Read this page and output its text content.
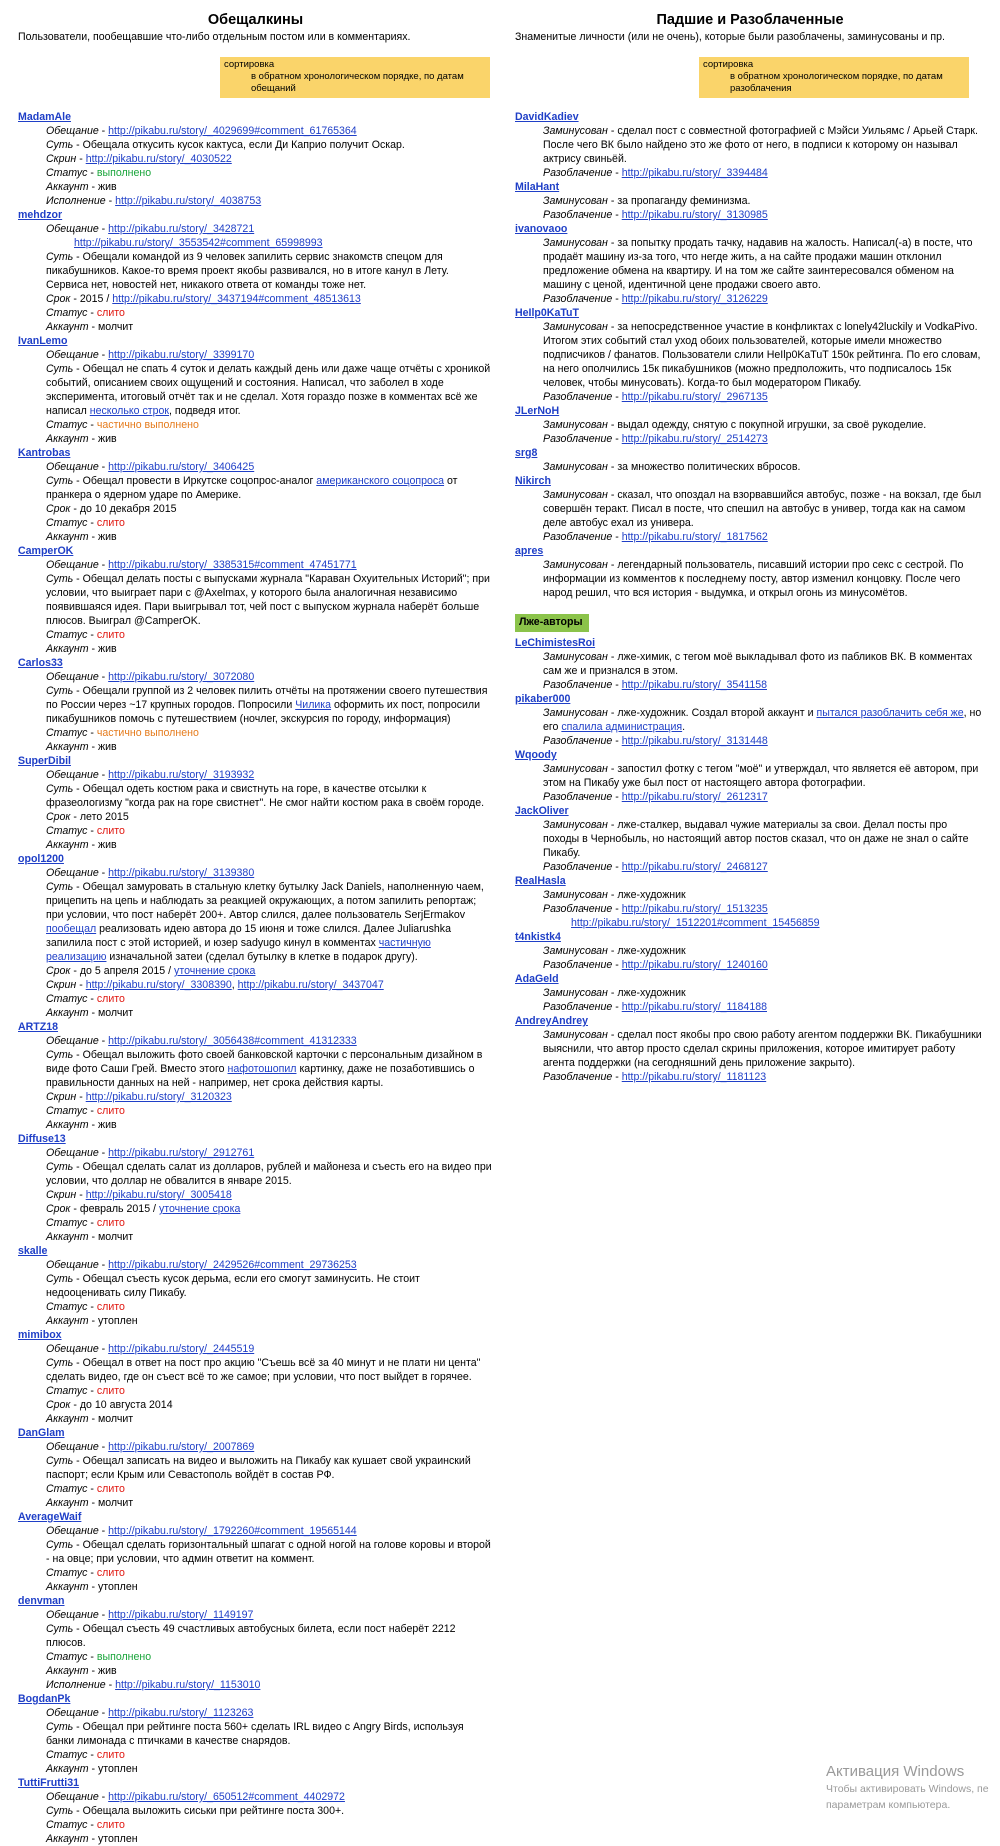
Обещалкины
Пользователи, пообещавшие что-либо отдельным постом или в комментариях.
сортировка
в обратном хронологическом порядке, по датам обещаний
MadamAle
Обещание - http://pikabu.ru/story/_4029699#comment_61765364
Суть - Обещала откусить кусок кактуса, если Ди Каприо получит Оскар.
Скрин - http://pikabu.ru/story/_4030522
Статус - выполнено
Аккаунт - жив
Исполнение - http://pikabu.ru/story/_4038753
mehdzor
Обещание - http://pikabu.ru/story/_3428721
http://pikabu.ru/story/_3553542#comment_65998993
Суть - Обещали командой из 9 человек запилить сервис знакомств спецом для пикабушников. Какое-то время проект якобы развивался, но в итоге канул в Лету. Сервиса нет, новостей нет, никакого ответа от команды тоже нет.
Срок - 2015 / http://pikabu.ru/story/_3437194#comment_48513613
Статус - слито
Аккаунт - молчит
IvanLemo
Обещание - http://pikabu.ru/story/_3399170
Суть - Обещал не спать 4 суток и делать каждый день или даже чаще отчёты с хроникой событий, описанием своих ощущений и состояния. Написал, что заболел в ходе эксперимента, итоговый отчёт так и не сделал. Хотя гораздо позже в комментах всё же написал несколько строк, подведя итог.
Статус - частично выполнено
Аккаунт - жив
Kantrobas
Обещание - http://pikabu.ru/story/_3406425
Суть - Обещал провести в Иркутске соцопрос-аналог американского соцопроса от пранкера о ядерном ударе по Америке.
Срок - до 10 декабря 2015
Статус - слито
Аккаунт - жив
CamperOK
Обещание - http://pikabu.ru/story/_3385315#comment_47451771
Суть - Обещал делать посты с выпусками журнала "Караван Охуительных Историй"; при условии, что выиграет пари с @Axelmax, у которого была аналогичная независимо появившаяся идея. Пари выигрывал тот, чей пост с выпуском журнала наберёт больше плюсов. Выиграл @CamperOK.
Статус - слито
Аккаунт - жив
Carlos33
Обещание - http://pikabu.ru/story/_3072080
Суть - Обещали группой из 2 человек пилить отчёты на протяжении своего путешествия по России через ~17 крупных городов. Попросили Чилика оформить их пост, попросили пикабушников помочь с путешествием (ночлег, экскурсия по городу, информация)
Статус - частично выполнено
Аккаунт - жив
SuperDibil
Обещание - http://pikabu.ru/story/_3193932
Суть - Обещал одеть костюм рака и свистнуть на горе, в качестве отсылки к фразеологизму "когда рак на горе свистнет". Не смог найти костюм рака в своём городе.
Срок - лето 2015
Статус - слито
Аккаунт - жив
opol1200
Обещание - http://pikabu.ru/story/_3139380
Суть - Обещал замуровать в стальную клетку бутылку Jack Daniels, наполненную чаем, прицепить на цепь и наблюдать за реакцией окружающих, а потом запилить репортаж; при условии, что пост наберёт 200+. Автор слился, далее пользователь SerjErmakov пообещал реализовать идею автора до 15 июня и тоже слился. Далее Juliarushka запилила пост с этой историей, и юзер sadyugo кинул в комментах частичную реализацию изначальной затеи (сделал бутылку в клетке в подарок другу).
Срок - до 5 апреля 2015 / уточнение срока
Скрин - http://pikabu.ru/story/_3308390, http://pikabu.ru/story/_3437047
Статус - слито
Аккаунт - молчит
ARTZ18
Обещание - http://pikabu.ru/story/_3056438#comment_41312333
Суть - Обещал выложить фото своей банковской карточки с персональным дизайном в виде фото Саши Грей. Вместо этого нафотошопил картинку, даже не позаботившись о правильности данных на ней - например, нет срока действия карты.
Скрин - http://pikabu.ru/story/_3120323
Статус - слито
Аккаунт - жив
Diffuse13
Обещание - http://pikabu.ru/story/_2912761
Суть - Обещал сделать салат из долларов, рублей и майонеза и съесть его на видео при условии, что доллар не обвалится в январе 2015.
Скрин - http://pikabu.ru/story/_3005418
Срок - февраль 2015 / уточнение срока
Статус - слито
Аккаунт - молчит
skalle
Обещание - http://pikabu.ru/story/_2429526#comment_29736253
Суть - Обещал съесть кусок дерьма, если его смогут заминусить. Не стоит недооценивать силу Пикабу.
Статус - слито
Аккаунт - утоплен
mimibox
Обещание - http://pikabu.ru/story/_2445519
Суть - Обещал в ответ на пост про акцию "Съешь всё за 40 минут и не плати ни цента" сделать видео, где он съест всё то же самое; при условии, что пост выйдет в горячее.
Статус - слито
Срок - до 10 августа 2014
Аккаунт - молчит
DanGlam
Обещание - http://pikabu.ru/story/_2007869
Суть - Обещал записать на видео и выложить на Пикабу как кушает свой украинский паспорт; если Крым или Севастополь войдёт в состав РФ.
Статус - слито
Аккаунт - молчит
AverageWaif
Обещание - http://pikabu.ru/story/_1792260#comment_19565144
Суть - Обещал сделать горизонтальный шпагат с одной ногой на голове коровы и второй - на овце; при условии, что админ ответит на коммент.
Статус - слито
Аккаунт - утоплен
denvman
Обещание - http://pikabu.ru/story/_1149197
Суть - Обещал съесть 49 счастливых автобусных билета, если пост наберёт 2212 плюсов.
Статус - выполнено
Аккаунт - жив
Исполнение - http://pikabu.ru/story/_1153010
BogdanPk
Обещание - http://pikabu.ru/story/_1123263
Суть - Обещал при рейтинге поста 560+ сделать IRL видео с Angry Birds, используя банки лимонада с птичками в качестве снарядов.
Статус - слито
Аккаунт - утоплен
TuttiFrutti31
Обещание - http://pikabu.ru/story/_650512#comment_4402972
Суть - Обещала выложить сиськи при рейтинге поста 300+.
Статус - слито
Аккаунт - утоплен
Падшие и Разоблаченные
Знаменитые личности (или не очень), которые были разоблачены, заминусованы и пр.
сортировка
в обратном хронологическом порядке, по датам разоблачения
DavidKadiev
Заминусован - сделал пост с совместной фотографией с Мэйси Уильямс / Арьей Старк. После чего ВК было найдено это же фото от него, в подписи к которому он называл актрису свиньёй.
Разоблачение - http://pikabu.ru/story/_3394484
MilaHant
Заминусован - за пропаганду феминизма.
Разоблачение - http://pikabu.ru/story/_3130985
ivanovaoo
Заминусован - за попытку продать тачку, надавив на жалость. Написал(-а) в посте, что продаёт машину из-за того, что негде жить, а на сайте продажи машин отклонил предложение обмена на квартиру. И на том же сайте заинтересовался обменом на машину с ценой, идентичной цене продажи своего авто.
Разоблачение - http://pikabu.ru/story/_3126229
HeIlp0KaTuT
Заминусован - за непосредственное участие в конфликтах с lonely42luckily и VodkaPivo. Итогом этих событий стал уход обоих пользователей, которые имели множество подписчиков / фанатов. Пользователи слили HeIlp0KaTuT 150к рейтинга. По его словам, на него ополчились 15к пикабушников (можно предположить, что подписалось 15к человек, чтобы минусовать). Когда-то был модератором Пикабу.
Разоблачение - http://pikabu.ru/story/_2967135
JLerNoH
Заминусован - выдал одежду, снятую с покупной игрушки, за своё рукоделие.
Разоблачение - http://pikabu.ru/story/_2514273
srg8
Заминусован - за множество политических вбросов.
Nikirch
Заминусован - сказал, что опоздал на взорвавшийся автобус, позже - на вокзал, где был совершён теракт. Писал в посте, что спешил на автобус в универ, тогда как на самом деле автобус ехал из универа.
Разоблачение - http://pikabu.ru/story/_1817562
apres
Заминусован - легендарный пользователь, писавший истории про секс с сестрой. По информации из комментов к последнему посту, автор изменил концовку. После чего народ решил, что вся история - выдумка, и открыл огонь из минусомётов.
Лже-авторы
LeChimistesRoi
Заминусован - лже-химик, с тегом моё выкладывал фото из пабликов ВК. В комментах сам же и признался в этом.
Разоблачение - http://pikabu.ru/story/_3541158
pikaber000
Заминусован - лже-художник. Создал второй аккаунт и пытался разоблачить себя же, но его спалила администрация.
Разоблачение - http://pikabu.ru/story/_3131448
Wqoody
Заминусован - запостил фотку с тегом "моё" и утверждал, что является её автором, при этом на Пикабу уже был пост от настоящего автора фотографии.
Разоблачение - http://pikabu.ru/story/_2612317
JackOliver
Заминусован - лже-сталкер, выдавал чужие материалы за свои. Делал посты про походы в Чернобыль, но настоящий автор постов сказал, что он даже не знал о сайте Пикабу.
Разоблачение - http://pikabu.ru/story/_2468127
RealHasla
Заминусован - лже-художник
Разоблачение - http://pikabu.ru/story/_1513235
http://pikabu.ru/story/_1512201#comment_15456859
t4nkistk4
Заминусован - лже-художник
Разоблачение - http://pikabu.ru/story/_1240160
AdaGeld
Заминусован - лже-художник
Разоблачение - http://pikabu.ru/story/_1184188
AndreyAndrey
Заминусован - сделал пост якобы про свою работу агентом поддержки ВК. Пикабушники выяснили, что автор просто сделал скрины приложения, которое имитирует работу агента поддержки (на сегодняшний день приложение закрыто).
Разоблачение - http://pikabu.ru/story/_1181123
Активация Windows
Чтобы активировать Windows, пе
параметрам компьютера.
